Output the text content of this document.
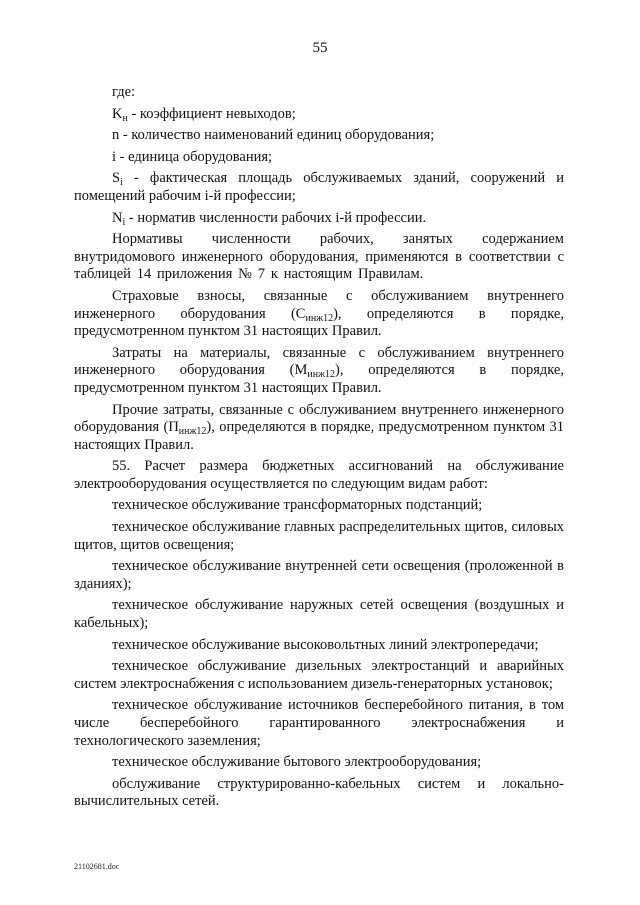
55

где:

$K_н$ - коэффициент невыходов;

n - количество наименований единиц оборудования;

i - единица оборудования;

$S_i$ - фактическая площадь обслуживаемых зданий, сооружений и помещений рабочим i-й профессии;

$N_i$ - норматив численности рабочих i-й профессии.

Нормативы численности рабочих, занятых содержанием внутридомового инженерного оборудования, применяются в соответствии с таблицей 14 приложения № 7 к настоящим Правилам.

Страховые взносы, связанные с обслуживанием внутреннего инженерного оборудования $(С_{инж12})$, определяются в порядке, предусмотренном пунктом 31 настоящих Правил.

Затраты на материалы, связанные с обслуживанием внутреннего инженерного оборудования $(М_{инж12})$, определяются в порядке, предусмотренном пунктом 31 настоящих Правил.

Прочие затраты, связанные с обслуживанием внутреннего инженерного оборудования $(П_{инж12})$, определяются в порядке, предусмотренном пунктом 31 настоящих Правил.

55. Расчет размера бюджетных ассигнований на обслуживание электрооборудования осуществляется по следующим видам работ:

техническое обслуживание трансформаторных подстанций;

техническое обслуживание главных распределительных щитов, силовых щитов, щитов освещения;

техническое обслуживание внутренней сети освещения (проложенной в зданиях);

техническое обслуживание наружных сетей освещения (воздушных и кабельных);

техническое обслуживание высоковольтных линий электропередачи;

техническое обслуживание дизельных электростанций и аварийных систем электроснабжения с использованием дизель-генераторных установок;

техническое обслуживание источников бесперебойного питания, в том числе бесперебойного гарантированного электроснабжения и технологического заземления;

техническое обслуживание бытового электрооборудования;

обслуживание структурированно-кабельных систем и локально-вычислительных сетей.

21102681.doc
